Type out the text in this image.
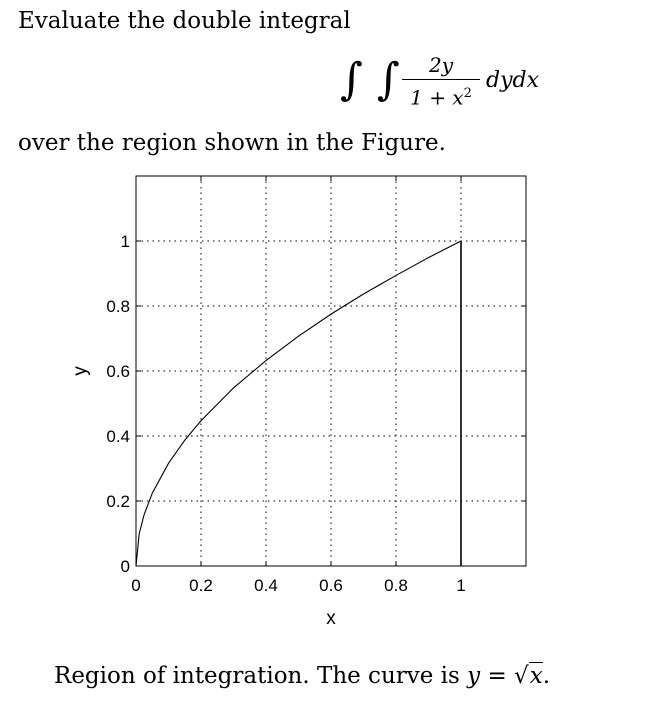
Evaluate the double integral
∫ ∫	2y
$1 + x^2$
dydx
over the region shown in the Figure.
0	0.2 0.4 0.6 0.8	1
0
0.2
0.4
0.6
0.8
1
x
y
Region of integration. The curve is y = √x.
